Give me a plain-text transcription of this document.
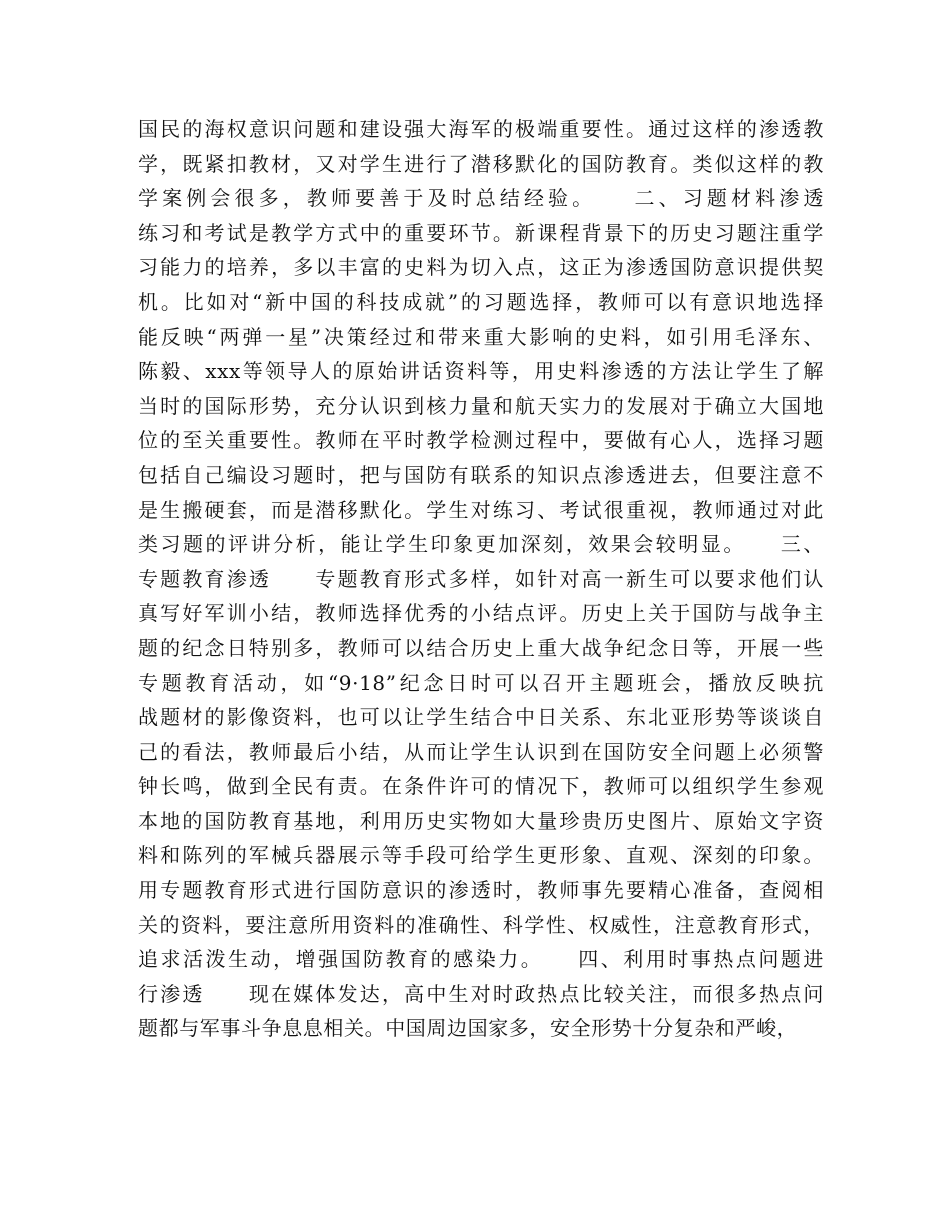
国民的海权意识问题和建设强大海军的极端重要性。通过这样的渗透教
学，既紧扣教材，又对学生进行了潜移默化的国防教育。类似这样的教
学案例会很多，教师要善于及时总结经验。　　二、习题材料渗透
练习和考试是教学方式中的重要环节。新课程背景下的历史习题注重学
习能力的培养，多以丰富的史料为切入点，这正为渗透国防意识提供契
机。比如对“新中国的科技成就”的习题选择，教师可以有意识地选择
能反映“两弹一星”决策经过和带来重大影响的史料，如引用毛泽东、
陈毅、xxx等领导人的原始讲话资料等，用史料渗透的方法让学生了解
当时的国际形势，充分认识到核力量和航天实力的发展对于确立大国地
位的至关重要性。教师在平时教学检测过程中，要做有心人，选择习题
包括自己编设习题时，把与国防有联系的知识点渗透进去，但要注意不
是生搬硬套，而是潜移默化。学生对练习、考试很重视，教师通过对此
类习题的评讲分析，能让学生印象更加深刻，效果会较明显。　　三、
专题教育渗透　　专题教育形式多样，如针对高一新生可以要求他们认
真写好军训小结，教师选择优秀的小结点评。历史上关于国防与战争主
题的纪念日特别多，教师可以结合历史上重大战争纪念日等，开展一些
专题教育活动，如“9·18”纪念日时可以召开主题班会，播放反映抗
战题材的影像资料，也可以让学生结合中日关系、东北亚形势等谈谈自
己的看法，教师最后小结，从而让学生认识到在国防安全问题上必须警
钟长鸣，做到全民有责。在条件许可的情况下，教师可以组织学生参观
本地的国防教育基地，利用历史实物如大量珍贵历史图片、原始文字资
料和陈列的军械兵器展示等手段可给学生更形象、直观、深刻的印象。
用专题教育形式进行国防意识的渗透时，教师事先要精心准备，查阅相
关的资料，要注意所用资料的准确性、科学性、权威性，注意教育形式，
追求活泼生动，增强国防教育的感染力。　　四、利用时事热点问题进
行渗透　　现在媒体发达，高中生对时政热点比较关注，而很多热点问
题都与军事斗争息息相关。中国周边国家多，安全形势十分复杂和严峻，
